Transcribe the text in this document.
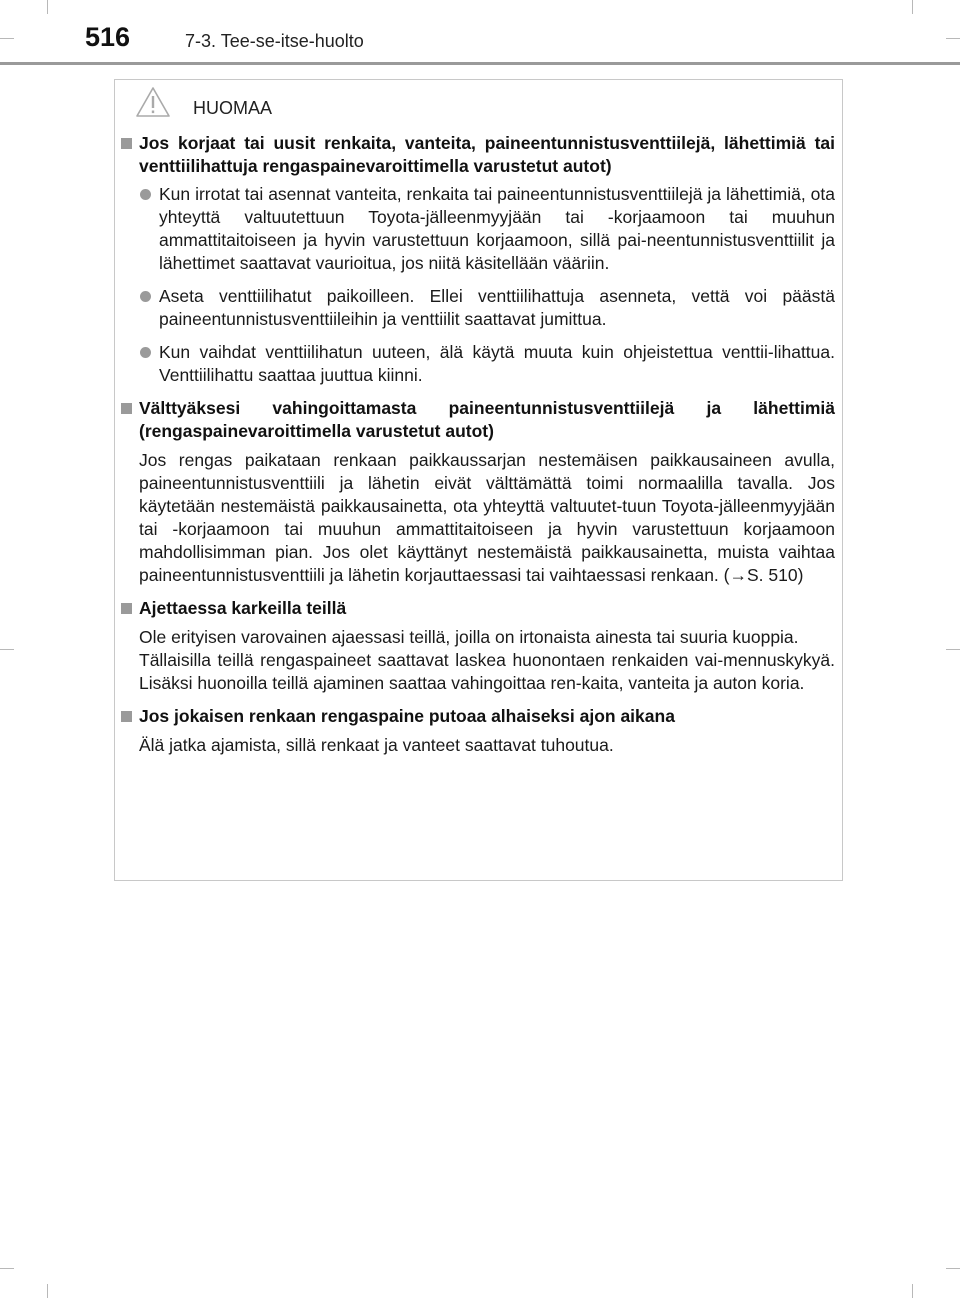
516	7-3. Tee-se-itse-huolto
HUOMAA
Jos korjaat tai uusit renkaita, vanteita, paineentunnistusventtiilejä, lähettimiä tai venttiilihattuja rengaspainevaroittimella varustetut autot)
Kun irrotat tai asennat vanteita, renkaita tai paineentunnistusventtiilejä ja lähettimiä, ota yhteyttä valtuutettuun Toyota-jälleenmyyjään tai -korjaamoon tai muuhun ammattitaitoiseen ja hyvin varustettuun korjaamoon, sillä pai-neentunnistusventtiilit ja lähettimet saattavat vaurioitua, jos niitä käsitellään vääriin.
Aseta venttiilihatut paikoilleen. Ellei venttiilihattuja asenneta, vettä voi päästä paineentunnistusventtiileihin ja venttiilit saattavat jumittua.
Kun vaihdat venttiilihatun uuteen, älä käytä muuta kuin ohjeistettua venttii-lihattua. Venttiilihattu saattaa juuttua kiinni.
Välttyäksesi vahingoittamasta paineentunnistusventtiilejä ja lähettimiä (rengaspainevaroittimella varustetut autot)
Jos rengas paikataan renkaan paikkaussarjan nestemäisen paikkausaineen avulla, paineentunnistusventtiili ja lähetin eivät välttämättä toimi normaalilla tavalla. Jos käytetään nestemäistä paikkausainetta, ota yhteyttä valtuutet-tuun Toyota-jälleenmyyjään tai -korjaamoon tai muuhun ammattitaitoiseen ja hyvin varustettuun korjaamoon mahdollisimman pian. Jos olet käyttänyt nestemäistä paikkausainetta, muista vaihtaa paineentunnistusventtiili ja lähetin korjauttaessasi tai vaihtaessasi renkaan. (→S. 510)
Ajettaessa karkeilla teillä
Ole erityisen varovainen ajaessasi teillä, joilla on irtonaista ainesta tai suuria kuoppia.
Tällaisilla teillä rengaspaineet saattavat laskea huonontaen renkaiden vai-mennuskykyä. Lisäksi huonoilla teillä ajaminen saattaa vahingoittaa ren-kaita, vanteita ja auton koria.
Jos jokaisen renkaan rengaspaine putoaa alhaiseksi ajon aikana
Älä jatka ajamista, sillä renkaat ja vanteet saattavat tuhoutua.
